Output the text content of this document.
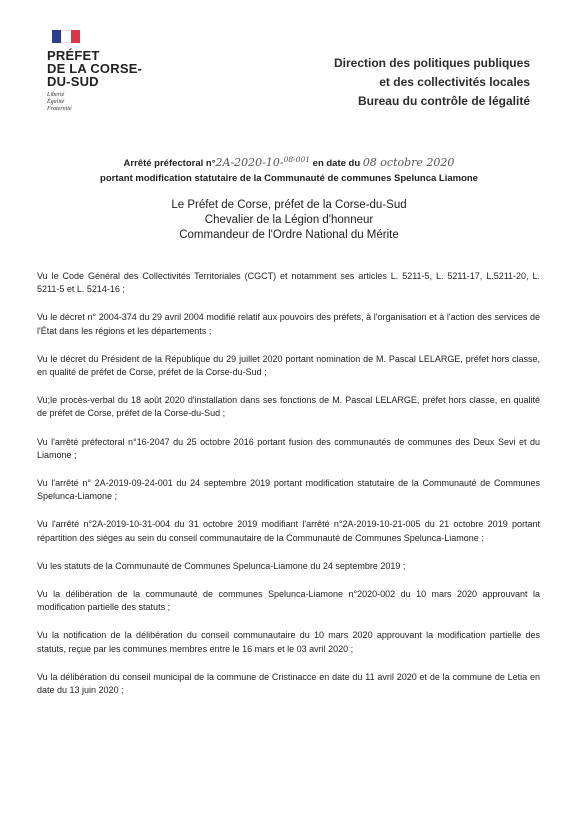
PRÉFET
DE LA CORSE-
DU-SUD
Liberté
Égalité
Fraternité
Direction des politiques publiques
et des collectivités locales
Bureau du contrôle de légalité
Arrêté préfectoral n°2A-2020-10-$^{08-001}$ en date du 08 octobre 2020
portant modification statutaire de la Communauté de communes Spelunca Liamone
Le Préfet de Corse, préfet de la Corse-du-Sud
Chevalier de la Légion d'honneur
Commandeur de l'Ordre National du Mérite

Vu le Code Général des Collectivités Territoriales (CGCT) et notamment ses articles L. 5211-5, L. 5211-17, L.5211-20, L. 5211-5 et L. 5214-16 ;

Vu le décret n° 2004-374 du 29 avril 2004 modifié relatif aux pouvoirs des préfets, à l'organisation et à l'action des services de l'État dans les régions et les départements ;

Vu le décret du Président de la République du 29 juillet 2020 portant nomination de M. Pascal LELARGE, préfet hors classe, en qualité de préfet de Corse, préfet de la Corse-du-Sud ;

Vu;le procès-verbal du 18 août 2020 d'installation dans ses fonctions de M. Pascal LELARGE, préfet hors classe, en qualité de préfet de Corse, préfet de la Corse-du-Sud ;

Vu l'arrêté préfectoral n°16-2047 du 25 octobre 2016 portant fusion des communautés de communes des Deux Sevi et du Liamone ;

Vu l'arrêté n° 2A-2019-09-24-001 du 24 septembre 2019 portant modification statutaire de la Communauté de Communes Spelunca-Liamone ;

Vu l'arrêté n°2A-2019-10-31-004 du 31 octobre 2019 modifiant l'arrêté n°2A-2019-10-21-005 du 21 octobre 2019 portant répartition des sièges au sein du conseil communautaire de la Communauté de Communes Spelunca-Liamone ;

Vu les statuts de la Communauté de Communes Spelunca-Liamone du 24 septembre 2019 ;

Vu la délibération de la communauté de communes Spelunca-Liamone n°2020-002 du 10 mars 2020 approuvant la modification partielle des statuts ;

Vu la notification de la délibération du conseil communautaire du 10 mars 2020 approuvant la modification partielle des statuts, reçue par les communes membres entre le 16 mars et le 03 avril 2020 ;

Vu la délibération du conseil municipal de la commune de Cristinacce en date du 11 avril 2020 et de la commune de Letia en date du 13 juin 2020 ;
